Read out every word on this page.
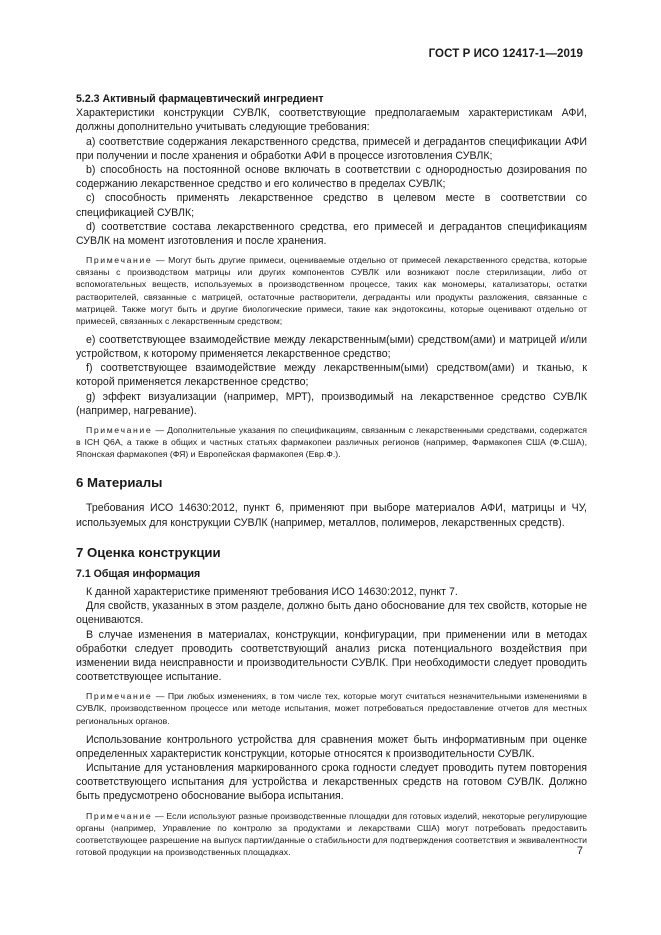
ГОСТ Р ИСО 12417-1—2019
5.2.3 Активный фармацевтический ингредиент

Характеристики конструкции СУВЛК, соответствующие предполагаемым характеристикам АФИ, должны дополнительно учитывать следующие требования:

a) соответствие содержания лекарственного средства, примесей и деградантов спецификации АФИ при получении и после хранения и обработки АФИ в процессе изготовления СУВЛК;

b) способность на постоянной основе включать в соответствии с однородностью дозирования по содержанию лекарственное средство и его количество в пределах СУВЛК;

c) способность применять лекарственное средство в целевом месте в соответствии со спецификацией СУВЛК;

d) соответствие состава лекарственного средства, его примесей и деградантов спецификациям СУВЛК на момент изготовления и после хранения.

Примечание — Могут быть другие примеси, оцениваемые отдельно от примесей лекарственного средства, которые связаны с производством матрицы или других компонентов СУВЛК или возникают после стерилизации, либо от вспомогательных веществ, используемых в производственном процессе, таких как мономеры, катализаторы, остатки растворителей, связанные с матрицей, остаточные растворители, деграданты или продукты разложения, связанные с матрицей. Также могут быть и другие биологические примеси, такие как эндотоксины, которые оценивают отдельно от примесей, связанных с лекарственным средством;

e) соответствующее взаимодействие между лекарственным(ыми) средством(ами) и матрицей и/или устройством, к которому применяется лекарственное средство;

f) соответствующее взаимодействие между лекарственным(ыми) средством(ами) и тканью, к которой применяется лекарственное средство;

g) эффект визуализации (например, МРТ), производимый на лекарственное средство СУВЛК (например, нагревание).

Примечание — Дополнительные указания по спецификациям, связанным с лекарственными средствами, содержатся в ICH Q6A, а также в общих и частных статьях фармакопеи различных регионов (например, Фармакопея США (Ф.США), Японская фармакопея (ФЯ) и Европейская фармакопея (Евр.Ф.).

6 Материалы

Требования ИСО 14630:2012, пункт 6, применяют при выборе материалов АФИ, матрицы и ЧУ, используемых для конструкции СУВЛК (например, металлов, полимеров, лекарственных средств).

7 Оценка конструкции
7.1 Общая информация

К данной характеристике применяют требования ИСО 14630:2012, пункт 7.

Для свойств, указанных в этом разделе, должно быть дано обоснование для тех свойств, которые не оцениваются.

В случае изменения в материалах, конструкции, конфигурации, при применении или в методах обработки следует проводить соответствующий анализ риска потенциального воздействия при изменении вида неисправности и производительности СУВЛК. При необходимости следует проводить соответствующее испытание.

Примечание — При любых изменениях, в том числе тех, которые могут считаться незначительными изменениями в СУВЛК, производственном процессе или методе испытания, может потребоваться предоставление отчетов для местных региональных органов.

Использование контрольного устройства для сравнения может быть информативным при оценке определенных характеристик конструкции, которые относятся к производительности СУВЛК.

Испытание для установления маркированного срока годности следует проводить путем повторения соответствующего испытания для устройства и лекарственных средств на готовом СУВЛК. Должно быть предусмотрено обоснование выбора испытания.

Примечание — Если используют разные производственные площадки для готовых изделий, некоторые регулирующие органы (например, Управление по контролю за продуктами и лекарствами США) могут потребовать предоставить соответствующее разрешение на выпуск партии/данные о стабильности для подтверждения соответствия и эквивалентности готовой продукции на производственных площадках.	7
